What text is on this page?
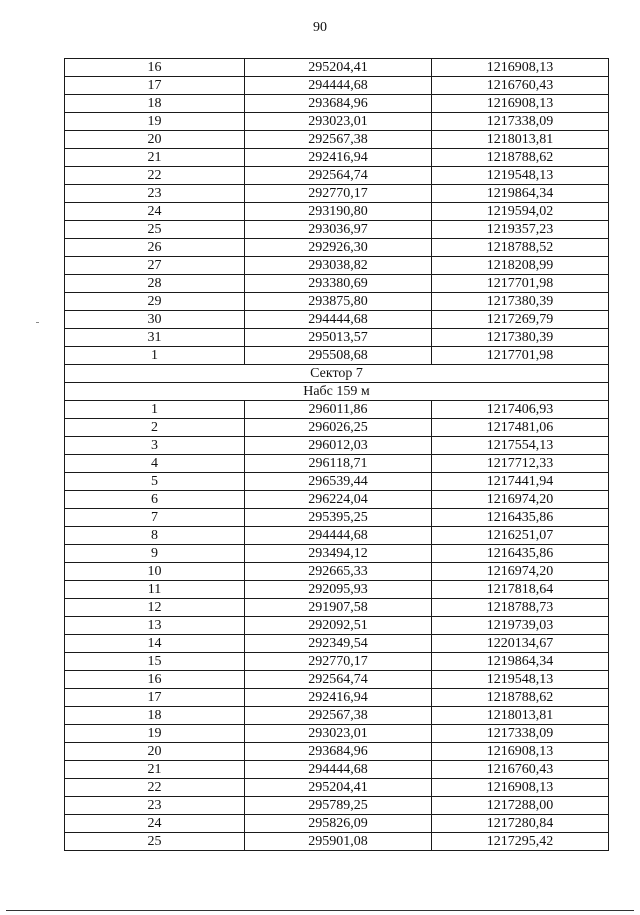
90
16	295204,41	1216908,13
17	294444,68	1216760,43
18	293684,96	1216908,13
19	293023,01	1217338,09
20	292567,38	1218013,81
21	292416,94	1218788,62
22	292564,74	1219548,13
23	292770,17	1219864,34
24	293190,80	1219594,02
25	293036,97	1219357,23
26	292926,30	1218788,52
27	293038,82	1218208,99
28	293380,69	1217701,98
29	293875,80	1217380,39
30	294444,68	1217269,79
31	295013,57	1217380,39
1	295508,68	1217701,98
Сектор 7		
Набс 159 м		
1	296011,86	1217406,93
2	296026,25	1217481,06
3	296012,03	1217554,13
4	296118,71	1217712,33
5	296539,44	1217441,94
6	296224,04	1216974,20
7	295395,25	1216435,86
8	294444,68	1216251,07
9	293494,12	1216435,86
10	292665,33	1216974,20
11	292095,93	1217818,64
12	291907,58	1218788,73
13	292092,51	1219739,03
14	292349,54	1220134,67
15	292770,17	1219864,34
16	292564,74	1219548,13
17	292416,94	1218788,62
18	292567,38	1218013,81
19	293023,01	1217338,09
20	293684,96	1216908,13
21	294444,68	1216760,43
22	295204,41	1216908,13
23	295789,25	1217288,00
24	295826,09	1217280,84
25	295901,08	1217295,42
